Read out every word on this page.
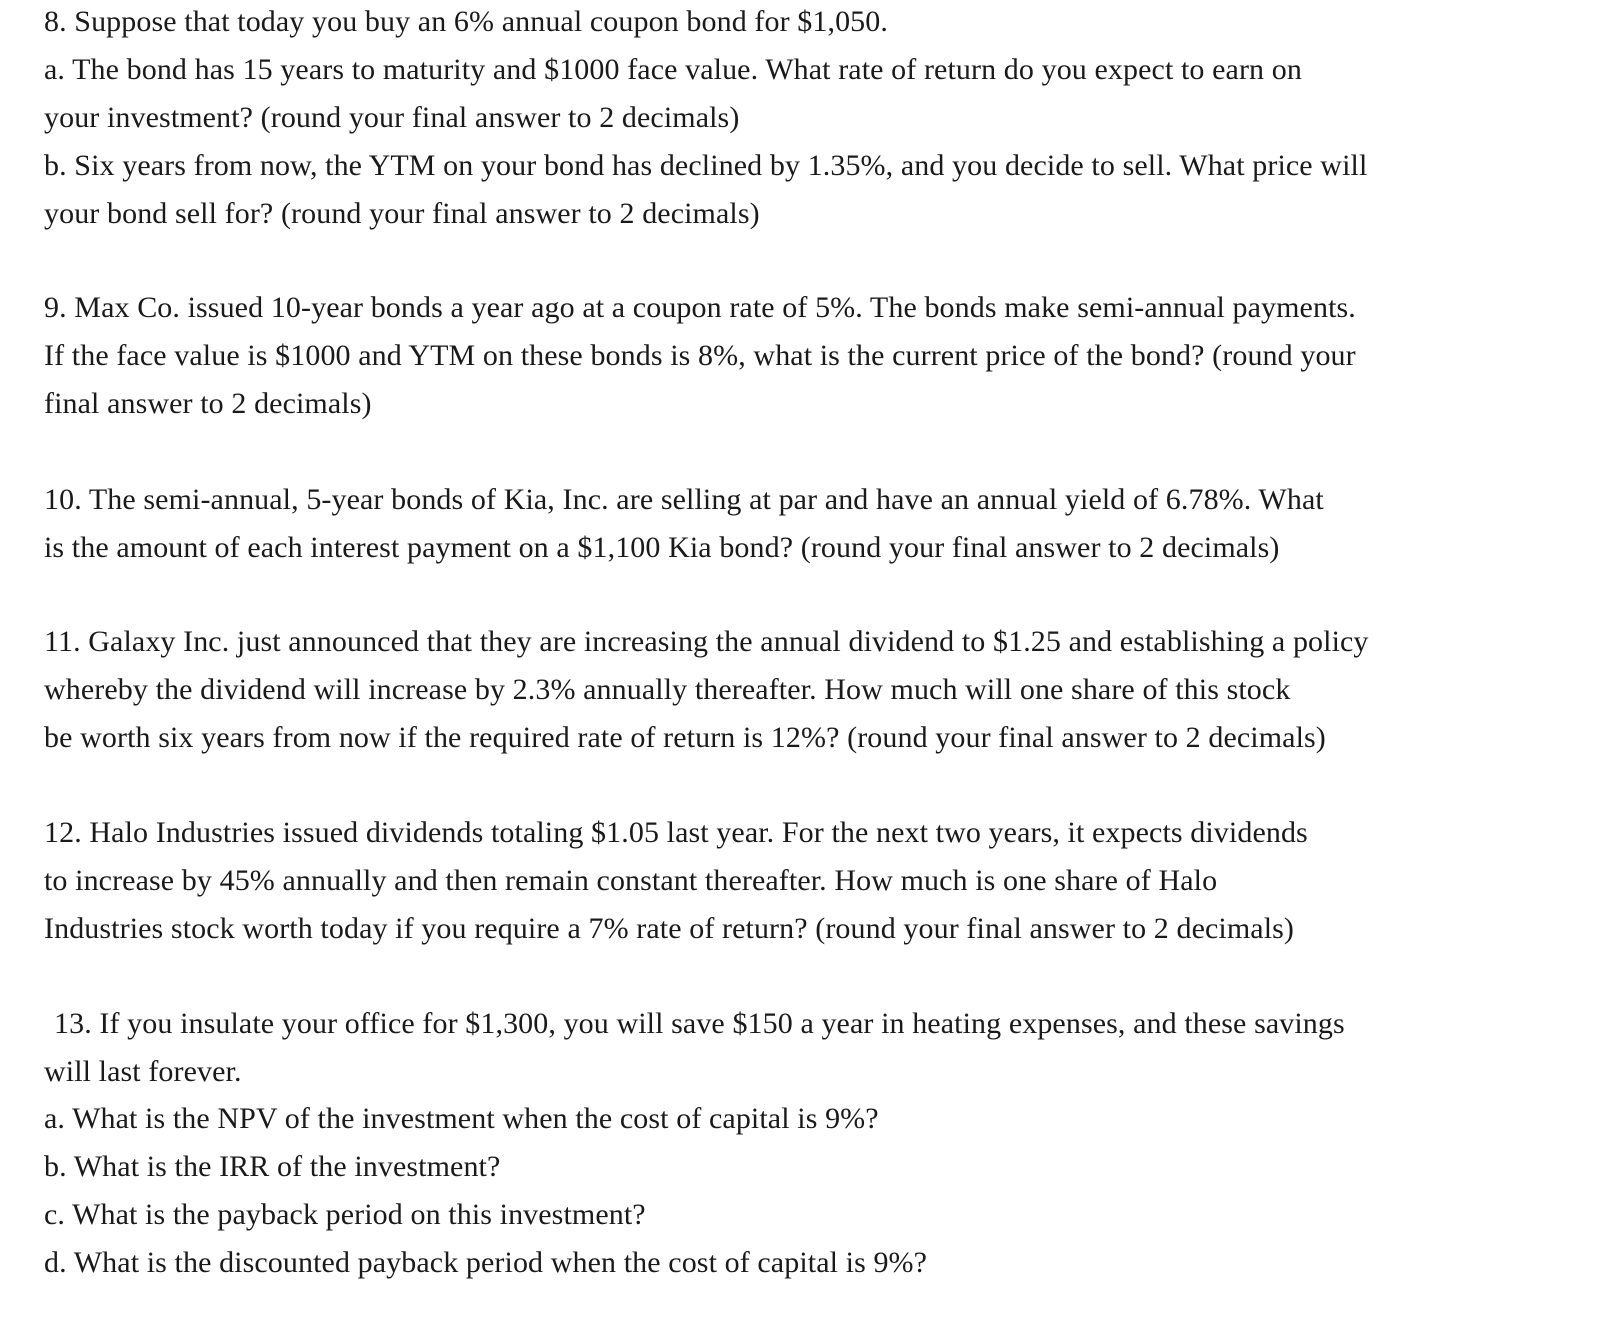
8. Suppose that today you buy an 6% annual coupon bond for $1,050.
a. The bond has 15 years to maturity and $1000 face value. What rate of return do you expect to earn on
your investment? (round your final answer to 2 decimals)
b. Six years from now, the YTM on your bond has declined by 1.35%, and you decide to sell. What price will
your bond sell for? (round your final answer to 2 decimals)
9. Max Co. issued 10-year bonds a year ago at a coupon rate of 5%. The bonds make semi-annual payments.
If the face value is $1000 and YTM on these bonds is 8%, what is the current price of the bond? (round your
final answer to 2 decimals)
10. The semi-annual, 5-year bonds of Kia, Inc. are selling at par and have an annual yield of 6.78%. What
is the amount of each interest payment on a $1,100 Kia bond? (round your final answer to 2 decimals)
11. Galaxy Inc. just announced that they are increasing the annual dividend to $1.25 and establishing a policy
whereby the dividend will increase by 2.3% annually thereafter. How much will one share of this stock
be worth six years from now if the required rate of return is 12%? (round your final answer to 2 decimals)
12. Halo Industries issued dividends totaling $1.05 last year. For the next two years, it expects dividends
to increase by 45% annually and then remain constant thereafter. How much is one share of Halo
Industries stock worth today if you require a 7% rate of return? (round your final answer to 2 decimals)
13. If you insulate your office for $1,300, you will save $150 a year in heating expenses, and these savings
will last forever.
a. What is the NPV of the investment when the cost of capital is 9%?
b. What is the IRR of the investment?
c. What is the payback period on this investment?
d. What is the discounted payback period when the cost of capital is 9%?
